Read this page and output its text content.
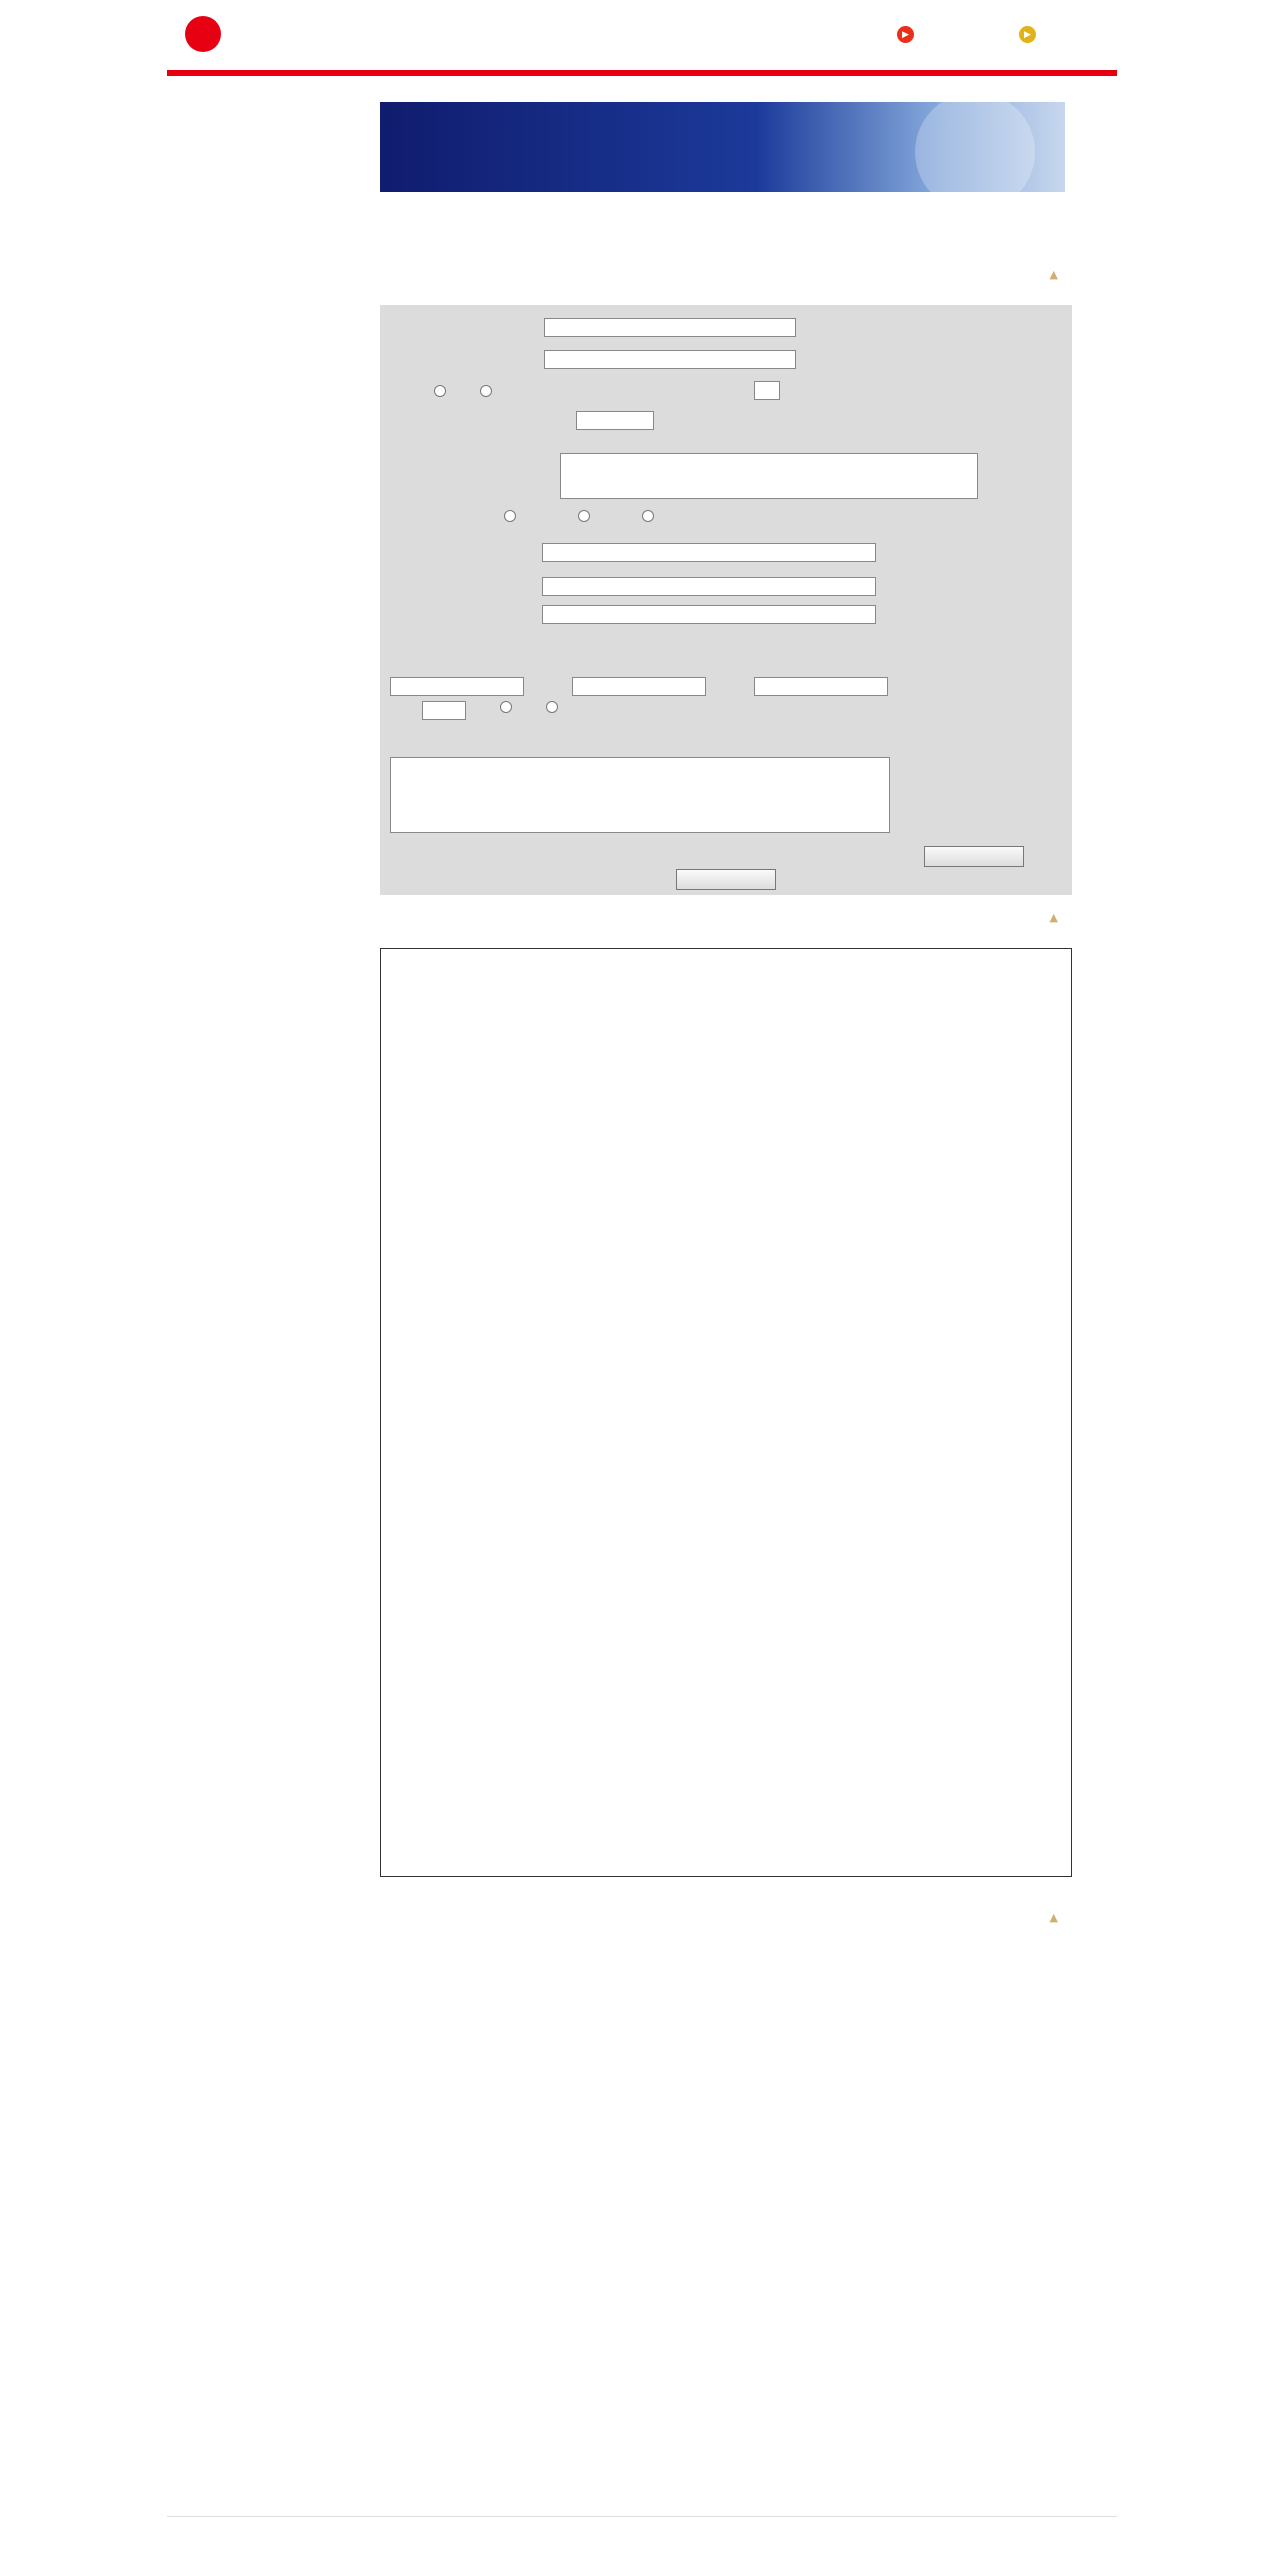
▶	▶
▲
▲
▲
